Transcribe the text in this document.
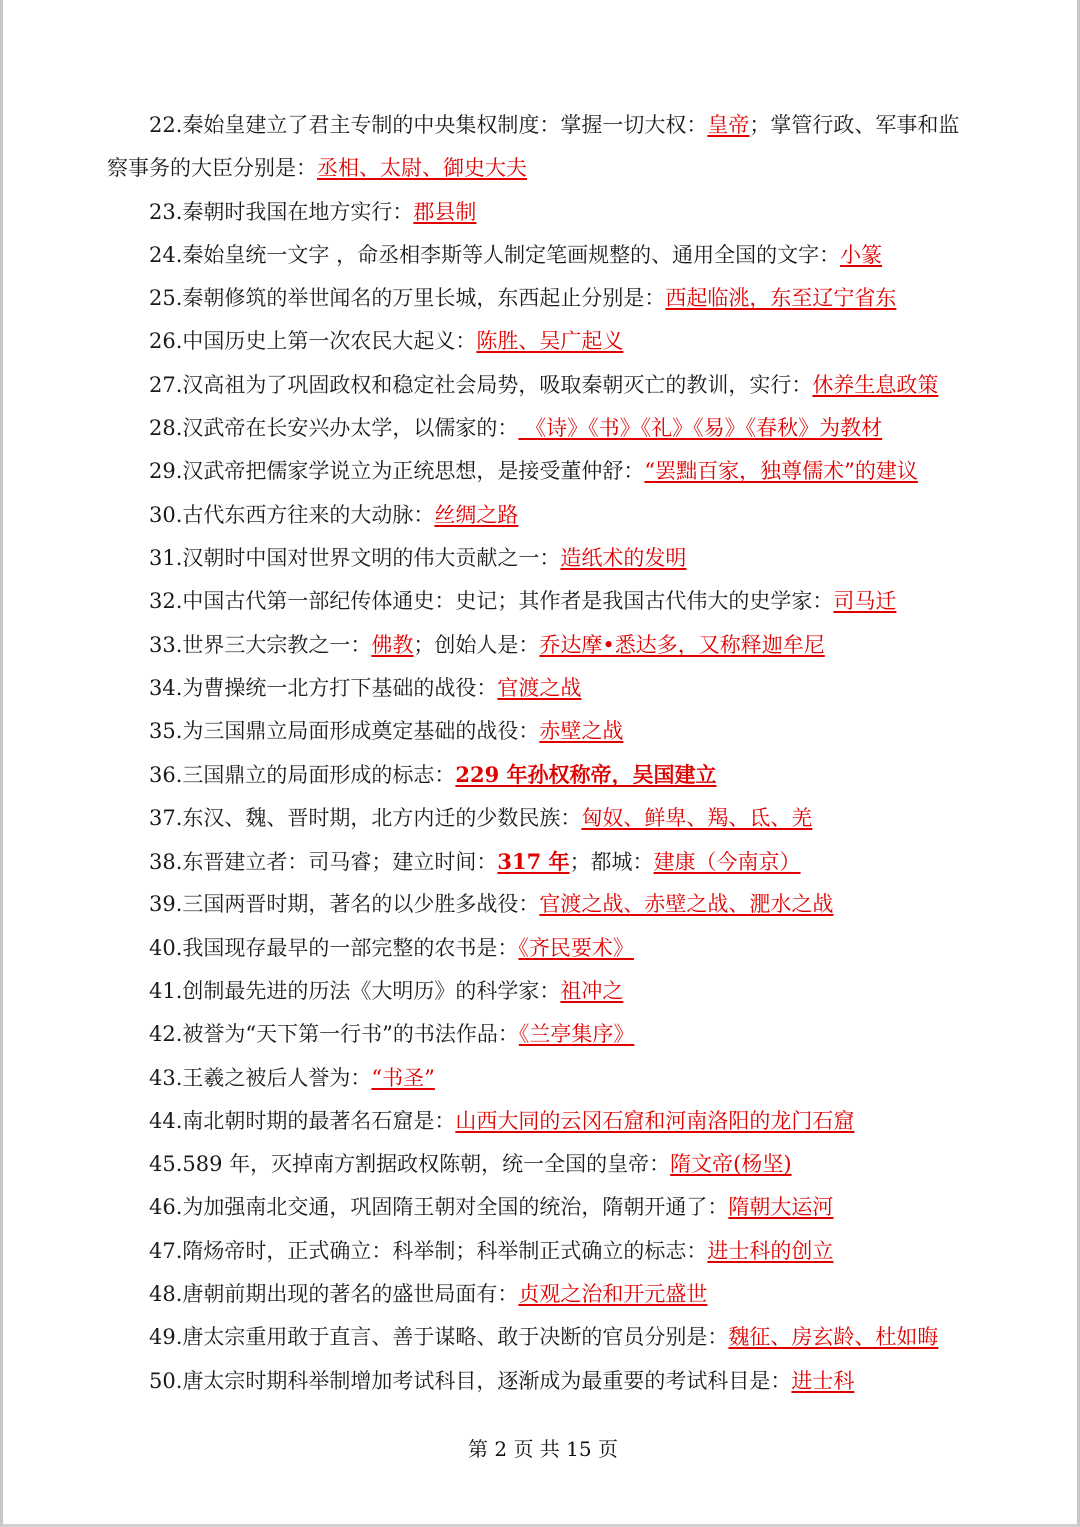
22.秦始皇建立了君主专制的中央集权制度：掌握一切大权：皇帝；掌管行政、军事和监
察事务的大臣分别是：丞相、太尉、御史大夫
23.秦朝时我国在地方实行：郡县制
24.秦始皇统一文字 ，命丞相李斯等人制定笔画规整的、通用全国的文字：小篆
25.秦朝修筑的举世闻名的万里长城，东西起止分别是：西起临洮，东至辽宁省东
26.中国历史上第一次农民大起义：陈胜、吴广起义
27.汉高祖为了巩固政权和稳定社会局势，吸取秦朝灭亡的教训，实行：休养生息政策
28.汉武帝在长安兴办太学，以儒家的： 《诗》《书》《礼》《易》《春秋》为教材
29.汉武帝把儒家学说立为正统思想，是接受董仲舒：“罢黜百家，独尊儒术”的建议
30.古代东西方往来的大动脉：丝绸之路
31.汉朝时中国对世界文明的伟大贡献之一：造纸术的发明
32.中国古代第一部纪传体通史：史记；其作者是我国古代伟大的史学家：司马迁
33.世界三大宗教之一：佛教；创始人是：乔达摩•悉达多，又称释迦牟尼
34.为曹操统一北方打下基础的战役：官渡之战
35.为三国鼎立局面形成奠定基础的战役：赤壁之战
36.三国鼎立的局面形成的标志：229 年孙权称帝，吴国建立
37.东汉、魏、晋时期，北方内迁的少数民族：匈奴、鲜卑、羯、氐、羌
38.东晋建立者：司马睿；建立时间：317 年；都城：建康（今南京）
39.三国两晋时期，著名的以少胜多战役：官渡之战、赤壁之战、淝水之战
40.我国现存最早的一部完整的农书是：《齐民要术》
41.创制最先进的历法《大明历》的科学家：祖冲之
42.被誉为“天下第一行书”的书法作品：《兰亭集序》
43.王羲之被后人誉为：“书圣”
44.南北朝时期的最著名石窟是：山西大同的云冈石窟和河南洛阳的龙门石窟
45.589 年，灭掉南方割据政权陈朝，统一全国的皇帝：隋文帝(杨坚)
46.为加强南北交通，巩固隋王朝对全国的统治，隋朝开通了：隋朝大运河
47.隋炀帝时，正式确立：科举制；科举制正式确立的标志：进士科的创立
48.唐朝前期出现的著名的盛世局面有：贞观之治和开元盛世
49.唐太宗重用敢于直言、善于谋略、敢于决断的官员分别是：魏征、房玄龄、杜如晦
50.唐太宗时期科举制增加考试科目，逐渐成为最重要的考试科目是：进士科
第 2 页 共 15 页
